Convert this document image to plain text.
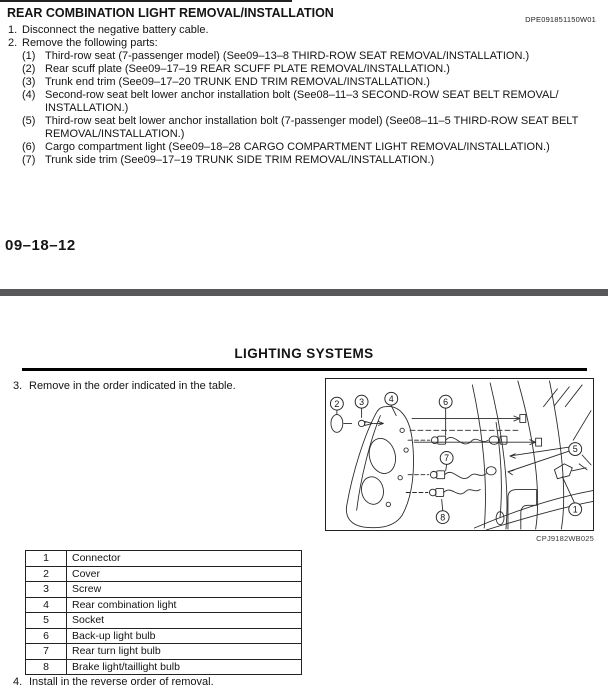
REAR COMBINATION LIGHT REMOVAL/INSTALLATION	DPE091851150W01
1. Disconnect the negative battery cable.
2. Remove the following parts:
(1) Third-row seat (7-passenger model) (See09–13–8 THIRD-ROW SEAT REMOVAL/INSTALLATION.)
(2) Rear scuff plate (See09–17–19 REAR SCUFF PLATE REMOVAL/INSTALLATION.)
(3) Trunk end trim (See09–17–20 TRUNK END TRIM REMOVAL/INSTALLATION.)
(4) Second-row seat belt lower anchor installation bolt (See08–11–3 SECOND-ROW SEAT BELT REMOVAL/ INSTALLATION.)
(5) Third-row seat belt lower anchor installation bolt (7-passenger model) (See08–11–5 THIRD-ROW SEAT BELT REMOVAL/INSTALLATION.)
(6) Cargo compartment light (See09–18–28 CARGO COMPARTMENT LIGHT REMOVAL/INSTALLATION.)
(7) Trunk side trim (See09–17–19 TRUNK SIDE TRIM REMOVAL/INSTALLATION.)
09–18–12
LIGHTING SYSTEMS
3. Remove in the order indicated in the table.
1
2 3	4
5
6
7
8
CPJ9182WB025
1	Connector
2	Cover
3	Screw
4	Rear combination light
5	Socket
6	Back-up light bulb
7	Rear turn light bulb
8	Brake light/taillight bulb
4. Install in the reverse order of removal.
